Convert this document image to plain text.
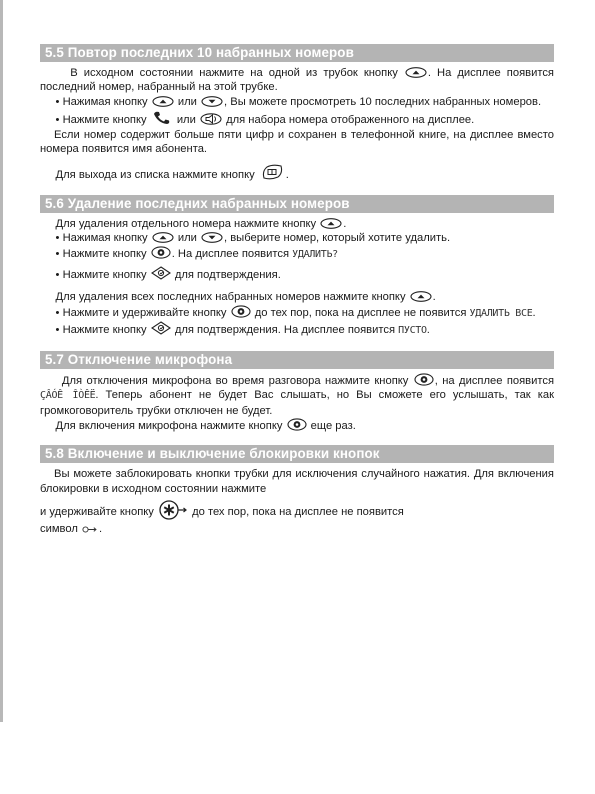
5.5 Повтор последних 10 набранных номеров

В исходном состоянии нажмите на одной из трубок кнопку	. На дисплее появится последний номер, набранный на этой трубке.

• Нажимая кнопку	или , Вы можете просмотреть 10 последних набранных номеров.

• Нажмите кнопку	или	для набора номера отображенного на дисплее.

Если номер содержит больше пяти цифр и сохранен в телефонной книге, на дисплее вместо номера появится имя абонента.

Для выхода из списка нажмите кнопку	.

5.6 Удаление последних набранных номеров

Для удаления отдельного номера нажмите кнопку .

• Нажимая кнопку	или , выберите номер, который хотите удалить.

• Нажмите кнопку . На дисплее появится УДАЛИТЬ?

• Нажмите кнопку	для подтверждения.

Для удаления всех последних набранных номеров нажмите кнопку .

• Нажмите и удерживайте кнопку	до тех пор, пока на дисплее не появится УДАЛИТЬ ВСЕ.

• Нажмите кнопку	для подтверждения. На дисплее появится ПУСТО.

5.7 Отключение микрофона

Для отключения микрофона во время разговора нажмите кнопку , на дисплее появится ÇÂÓÊ ÎÒÊË. Теперь абонент не будет Вас слышать, но Вы сможете его услышать, так как громкоговоритель трубки отключен не будет.

Для включения микрофона нажмите кнопку	еще раз.

5.8 Включение и выключение блокировки кнопок

Вы можете заблокировать кнопки трубки для исключения случайного нажатия. Для включения блокировки в исходном состоянии нажмите

и удерживайте кнопку	до тех пор, пока на дисплее не появится

символ .
